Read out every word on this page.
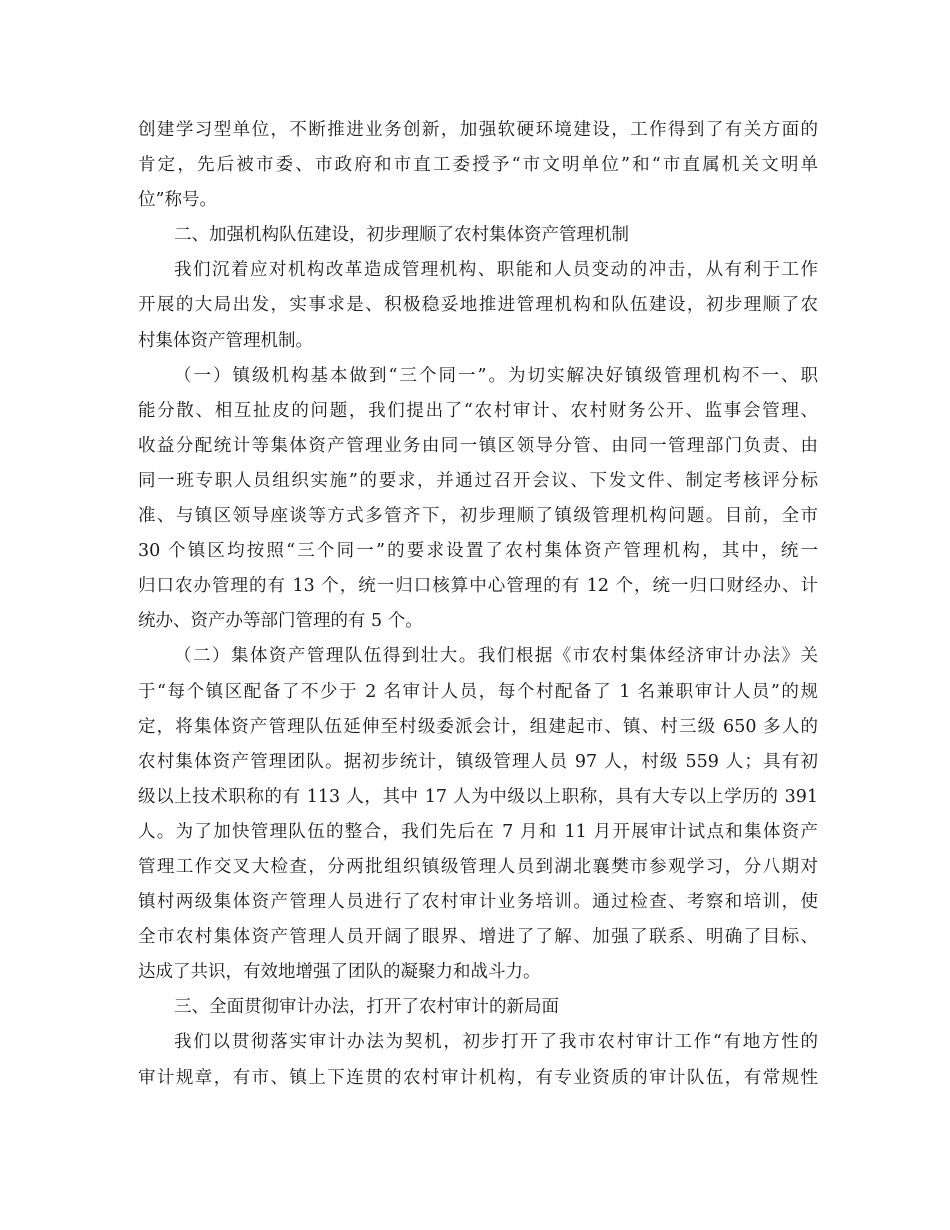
创建学习型单位，不断推进业务创新，加强软硬环境建设，工作得到了有关方面的
肯定，先后被市委、市政府和市直工委授予“市文明单位”和“市直属机关文明单
位”称号。
二、加强机构队伍建设，初步理顺了农村集体资产管理机制
我们沉着应对机构改革造成管理机构、职能和人员变动的冲击，从有利于工作
开展的大局出发，实事求是、积极稳妥地推进管理机构和队伍建设，初步理顺了农
村集体资产管理机制。
（一）镇级机构基本做到“三个同一”。为切实解决好镇级管理机构不一、职
能分散、相互扯皮的问题，我们提出了“农村审计、农村财务公开、监事会管理、
收益分配统计等集体资产管理业务由同一镇区领导分管、由同一管理部门负责、由
同一班专职人员组织实施”的要求，并通过召开会议、下发文件、制定考核评分标
准、与镇区领导座谈等方式多管齐下，初步理顺了镇级管理机构问题。目前，全市
30 个镇区均按照“三个同一”的要求设置了农村集体资产管理机构，其中，统一
归口农办管理的有 13 个，统一归口核算中心管理的有 12 个，统一归口财经办、计
统办、资产办等部门管理的有 5 个。
（二）集体资产管理队伍得到壮大。我们根据《市农村集体经济审计办法》关
于“每个镇区配备了不少于 2 名审计人员，每个村配备了 1 名兼职审计人员”的规
定，将集体资产管理队伍延伸至村级委派会计，组建起市、镇、村三级 650 多人的
农村集体资产管理团队。据初步统计，镇级管理人员 97 人，村级 559 人；具有初
级以上技术职称的有 113 人，其中 17 人为中级以上职称，具有大专以上学历的 391
人。为了加快管理队伍的整合，我们先后在 7 月和 11 月开展审计试点和集体资产
管理工作交叉大检查，分两批组织镇级管理人员到湖北襄樊市参观学习，分八期对
镇村两级集体资产管理人员进行了农村审计业务培训。通过检查、考察和培训，使
全市农村集体资产管理人员开阔了眼界、增进了了解、加强了联系、明确了目标、
达成了共识，有效地增强了团队的凝聚力和战斗力。
三、全面贯彻审计办法，打开了农村审计的新局面
我们以贯彻落实审计办法为契机，初步打开了我市农村审计工作“有地方性的
审计规章，有市、镇上下连贯的农村审计机构，有专业资质的审计队伍，有常规性
